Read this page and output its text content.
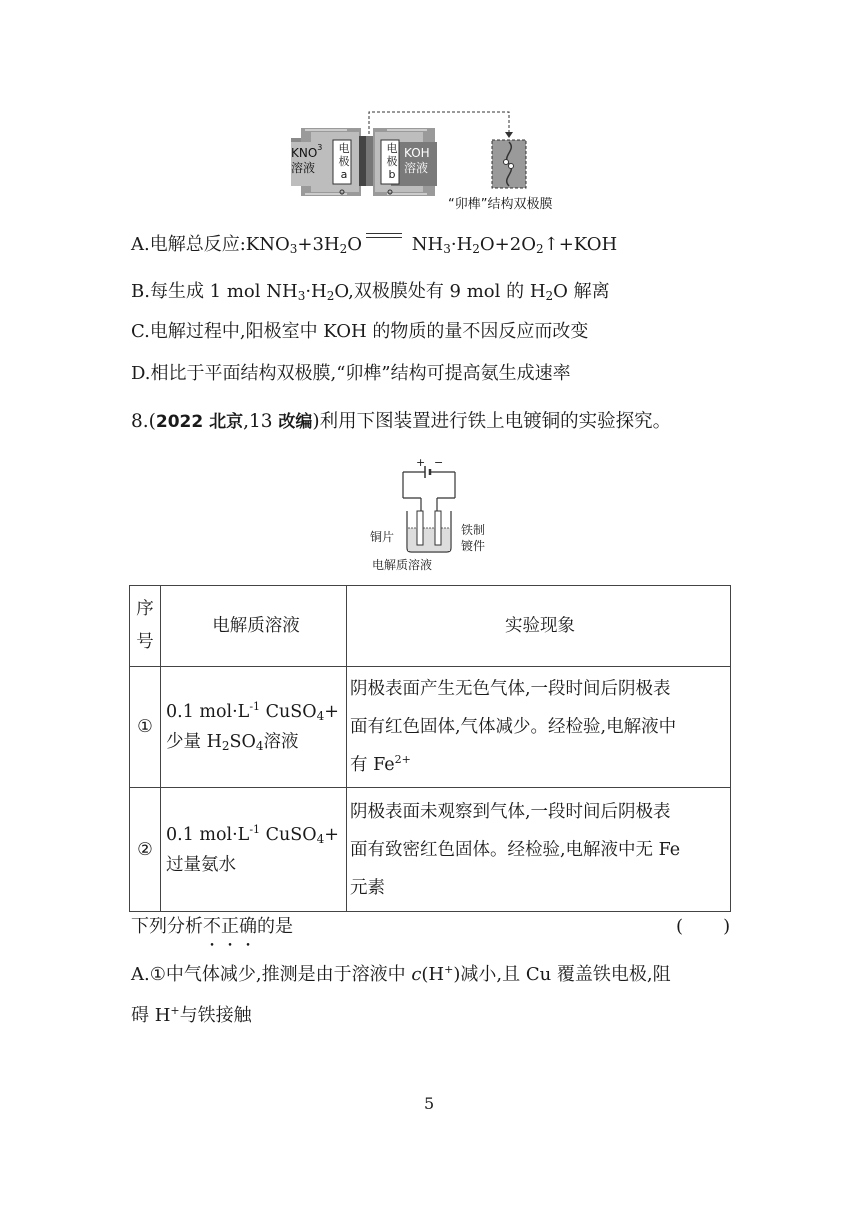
KNO$^3$
溶液
电
极
a
电
极
b
KOH
溶液
“卯榫”结构双极膜
A.电解总反应$:KNO_3+3H_2O$	$NH_3\cdot H_2O+2O_2↑+KOH$
B.每生成 1 mol $NH_3\cdot H_2O$,双极膜处有 9 mol 的 $H_2O$ 解离
C.电解过程中,阳极室中 KOH 的物质的量不因反应而改变
D.相比于平面结构双极膜,“卯榫”结构可提高氨生成速率
8.(2022 北京,13 改编)利用下图装置进行铁上电镀铜的实验探究。
+ −
铜片	铁制
镀件
电解质溶液
序
号	电解质溶液	实验现象
①	0.1 $mol\cdot L^{-1}$ CuSO$_4$+
少量 $H_2SO_4$溶液	阴极表面产生无色气体,一段时间后阴极表
面有红色固体,气体减少。经检验,电解液中
有 $Fe^{2+}$
②	0.1 $mol\cdot L^{-1}$ CuSO$_4$+
过量氨水	阴极表面未观察到气体,一段时间后阴极表
面有致密红色固体。经检验,电解液中无 Fe
元素
下列分析不正确的是	(       )
A.①中气体减少,推测是由于溶液中 c(H+)减小,且 Cu 覆盖铁电极,阻
碍 H+与铁接触
5
